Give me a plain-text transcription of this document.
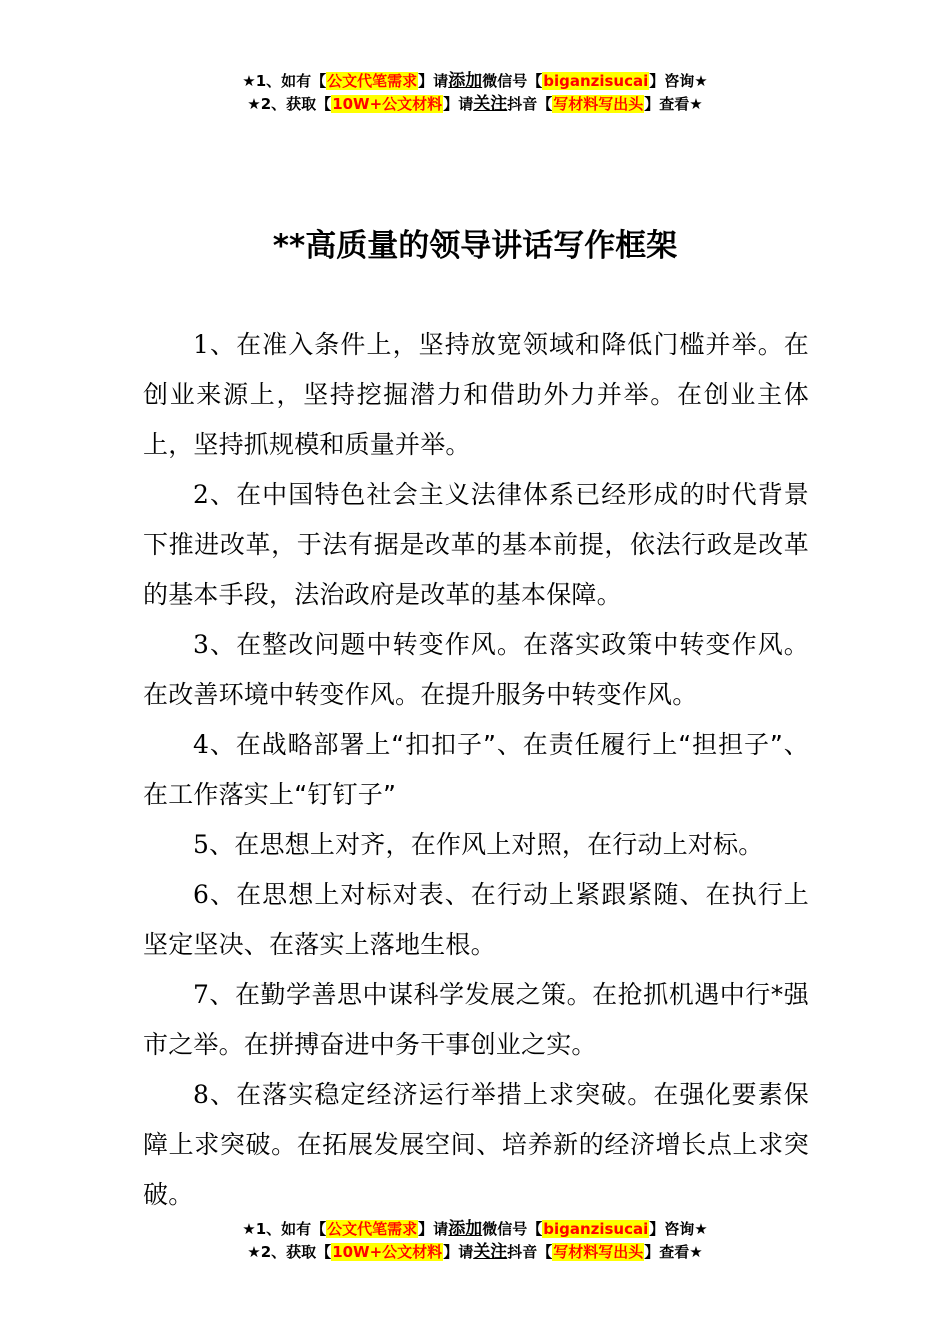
★1、如有【公文代笔需求】请添加微信号【biganzisucai】咨询★
★2、获取【10W+公文材料】请关注抖音【写材料写出头】查看★
**高质量的领导讲话写作框架

1、在准入条件上，坚持放宽领域和降低门槛并举。在创业来源上，坚持挖掘潜力和借助外力并举。在创业主体上，坚持抓规模和质量并举。

2、在中国特色社会主义法律体系已经形成的时代背景下推进改革，于法有据是改革的基本前提，依法行政是改革的基本手段，法治政府是改革的基本保障。

3、在整改问题中转变作风。在落实政策中转变作风。在改善环境中转变作风。在提升服务中转变作风。

4、在战略部署上“扣扣子”、在责任履行上“担担子”、在工作落实上“钉钉子”

5、在思想上对齐，在作风上对照，在行动上对标。

6、在思想上对标对表、在行动上紧跟紧随、在执行上坚定坚决、在落实上落地生根。

7、在勤学善思中谋科学发展之策。在抢抓机遇中行*强市之举。在拼搏奋进中务干事创业之实。

8、在落实稳定经济运行举措上求突破。在强化要素保障上求突破。在拓展发展空间、培养新的经济增长点上求突破。

★1、如有【公文代笔需求】请添加微信号【biganzisucai】咨询★
★2、获取【10W+公文材料】请关注抖音【写材料写出头】查看★
